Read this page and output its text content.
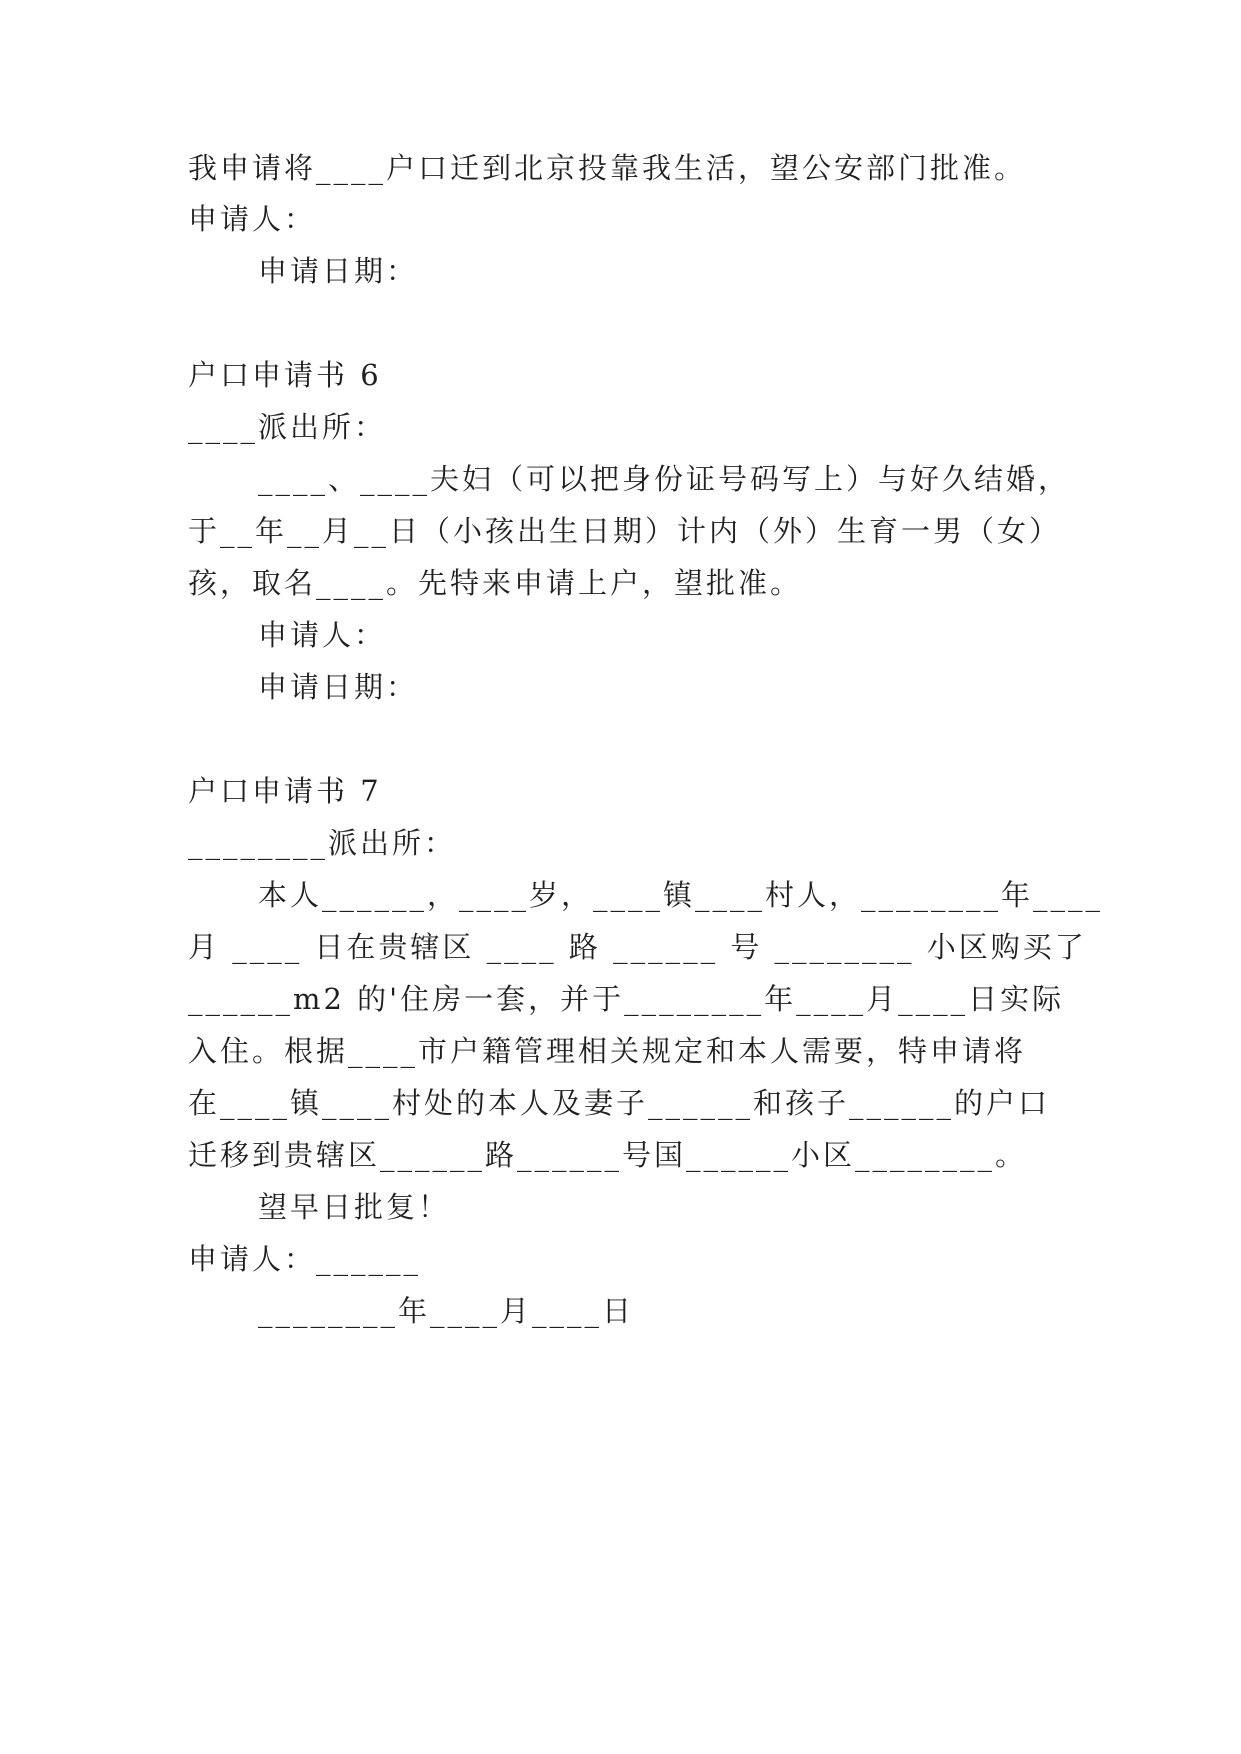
我申请将____户口迁到北京投靠我生活，望公安部门批准。
申请人：
申请日期：
户口申请书 6
____派出所：
____、____夫妇（可以把身份证号码写上）与好久结婚，
于__年__月__日（小孩出生日期）计内（外）生育一男（女）
孩，取名____。先特来申请上户，望批准。
申请人：
申请日期：
户口申请书 7
________派出所：
本人______，____岁，____镇____村人，________年____
月 ____ 日在贵辖区 ____ 路 ______ 号 ________ 小区购买了
______m2 的'住房一套，并于________年____月____日实际
入住。根据____市户籍管理相关规定和本人需要，特申请将
在____镇____村处的本人及妻子______和孩子______的户口
迁移到贵辖区______路______号国______小区________。
望早日批复！
申请人：______
________年____月____日
